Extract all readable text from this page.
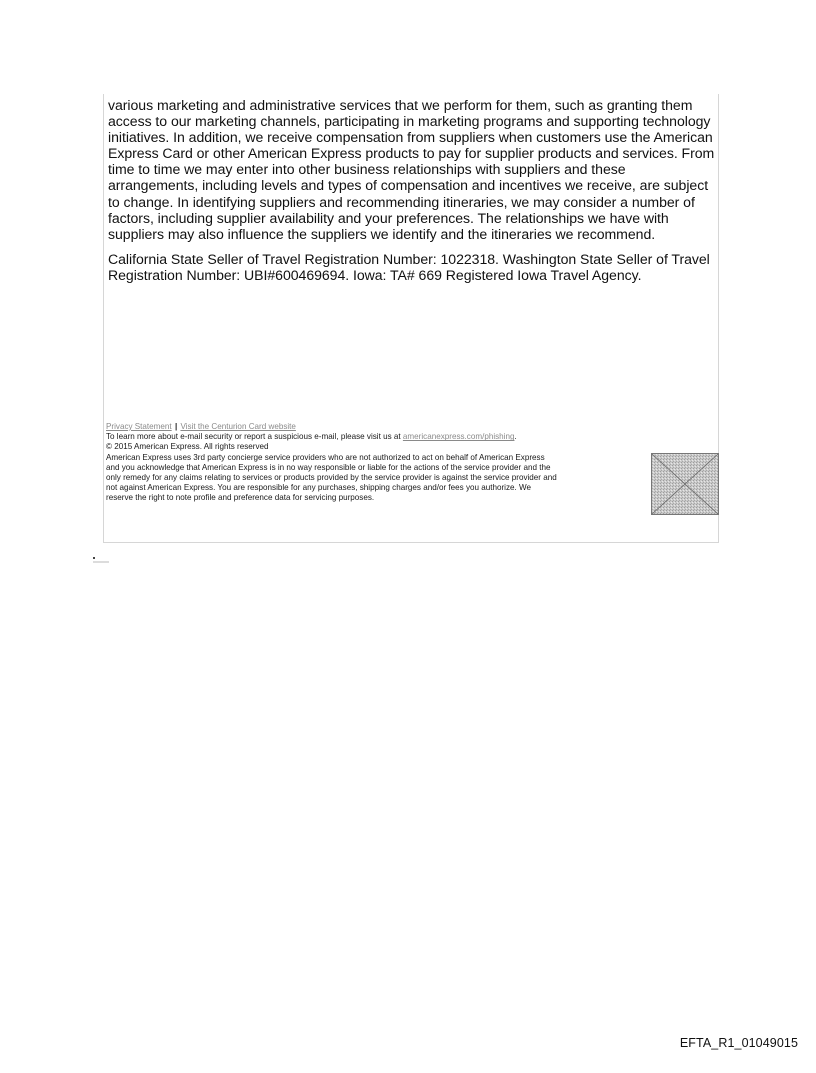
various marketing and administrative services that we perform for them, such as granting them
access to our marketing channels, participating in marketing programs and supporting technology
initiatives. In addition, we receive compensation from suppliers when customers use the American
Express Card or other American Express products to pay for supplier products and services. From
time to time we may enter into other business relationships with suppliers and these
arrangements, including levels and types of compensation and incentives we receive, are subject
to change. In identifying suppliers and recommending itineraries, we may consider a number of
factors, including supplier availability and your preferences. The relationships we have with
suppliers may also influence the suppliers we identify and the itineraries we recommend.

California State Seller of Travel Registration Number: 1022318. Washington State Seller of Travel
Registration Number: UBI#600469694. Iowa: TA# 669 Registered Iowa Travel Agency.

Privacy Statement | Visit the Centurion Card website
To learn more about e-mail security or report a suspicious e-mail, please visit us at americanexpress.com/phishing.
© 2015 American Express. All rights reserved
American Express uses 3rd party concierge service providers who are not authorized to act on behalf of American Express
and you acknowledge that American Express is in no way responsible or liable for the actions of the service provider and the
only remedy for any claims relating to services or products provided by the service provider is against the service provider and
not against American Express. You are responsible for any purchases, shipping charges and/or fees you authorize. We
reserve the right to note profile and preference data for servicing purposes.
EFTA_R1_01049015
